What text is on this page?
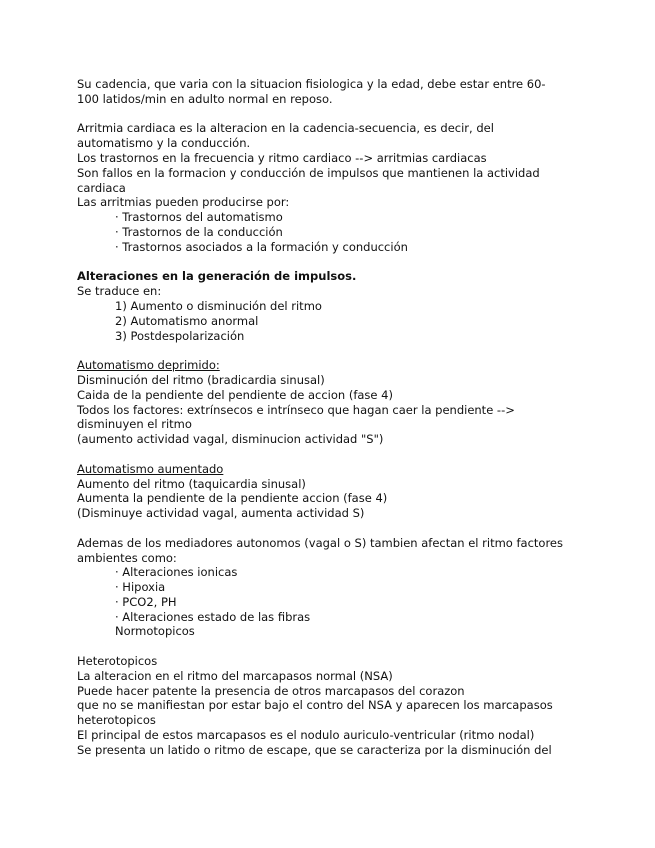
Su cadencia, que varia con la situacion fisiologica y la edad, debe estar entre 60-

100 latidos/min en adulto normal en reposo.

Arritmia cardiaca es la alteracion en la cadencia-secuencia, es decir, del

automatismo y la conducción.

Los trastornos en la frecuencia y ritmo cardiaco --> arritmias cardiacas

Son fallos en la formacion y conducción de impulsos que mantienen la actividad

cardiaca

Las arritmias pueden producirse por:

· Trastornos del automatismo

· Trastornos de la conducción

· Trastornos asociados a la formación y conducción

Alteraciones en la generación de impulsos.

Se traduce en:

1) Aumento o disminución del ritmo

2) Automatismo anormal

3) Postdespolarización

Automatismo deprimido:

Disminución del ritmo (bradicardia sinusal)

Caida de la pendiente del pendiente de accion (fase 4)

Todos los factores: extrínsecos e intrínseco que hagan caer la pendiente -->

disminuyen el ritmo

(aumento actividad vagal, disminucion actividad "S")

Automatismo aumentado

Aumento del ritmo (taquicardia sinusal)

Aumenta la pendiente de la pendiente accion (fase 4)

(Disminuye actividad vagal, aumenta actividad S)

Ademas de los mediadores autonomos (vagal o S) tambien afectan el ritmo factores

ambientes como:

· Alteraciones ionicas

· Hipoxia

· PCO2, PH

· Alteraciones estado de las fibras

Normotopicos

Heterotopicos

La alteracion en el ritmo del marcapasos normal (NSA)

Puede hacer patente la presencia de otros marcapasos del corazon

que no se manifiestan por estar bajo el contro del NSA y aparecen los marcapasos

heterotopicos

El principal de estos marcapasos es el nodulo auriculo-ventricular (ritmo nodal)

Se presenta un latido o ritmo de escape, que se caracteriza por la disminución del
